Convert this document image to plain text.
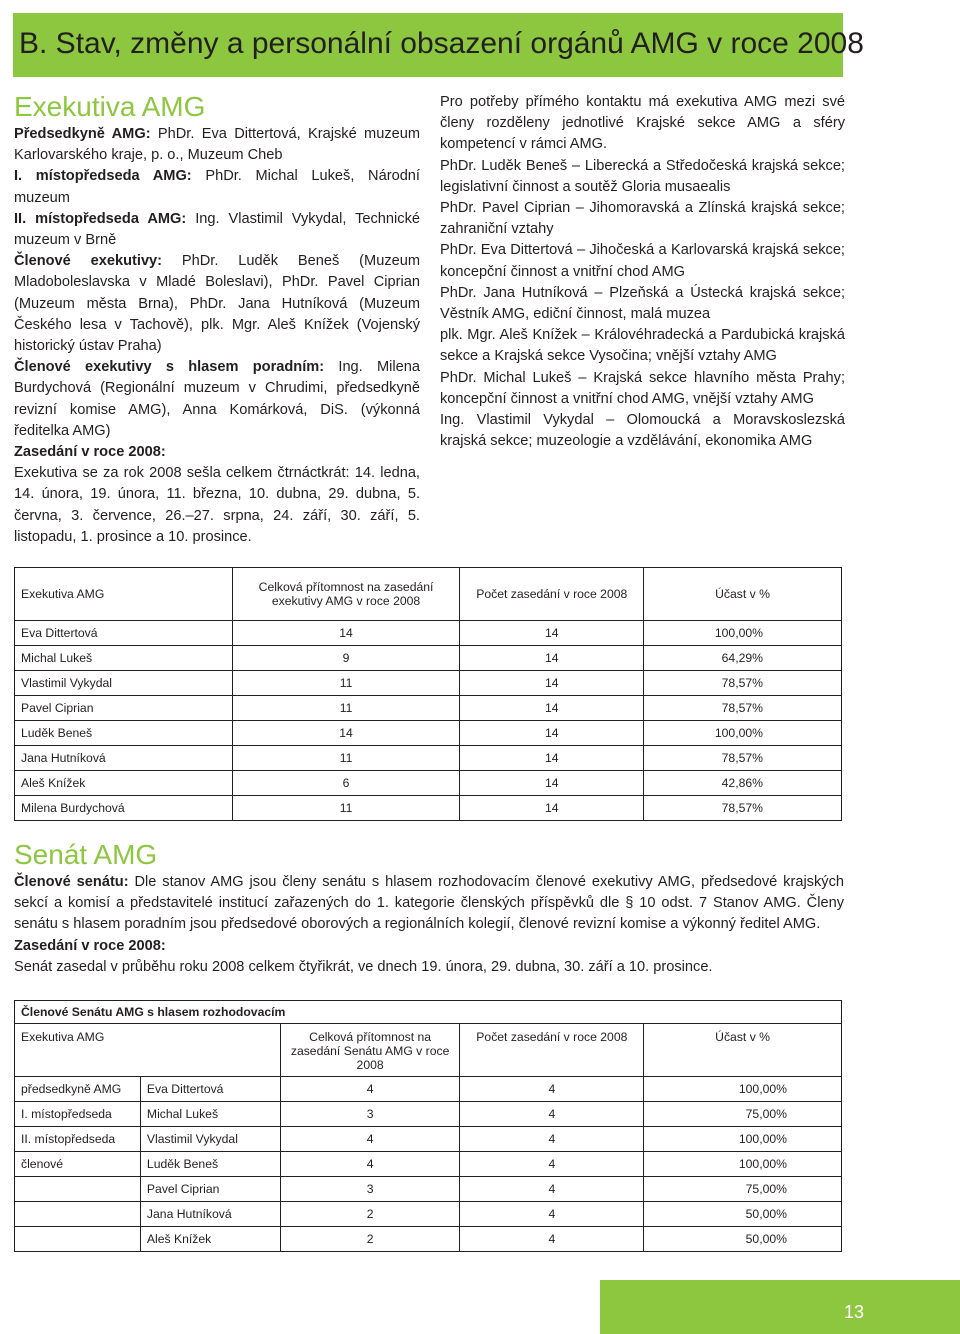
B. Stav, změny a personální obsazení orgánů AMG v roce 2008
Exekutiva AMG

Předsedkyně AMG: PhDr. Eva Dittertová, Krajské muzeum Karlovarského kraje, p. o., Muzeum Cheb

I. místopředseda AMG: PhDr. Michal Lukeš, Národní muzeum

II. místopředseda AMG: Ing. Vlastimil Vykydal, Technické muzeum v Brně

Členové exekutivy: PhDr. Luděk Beneš (Muzeum Mladoboleslavska v Mladé Boleslavi), PhDr. Pavel Ciprian (Muzeum města Brna), PhDr. Jana Hutníková (Muzeum Českého lesa v Tachově), plk. Mgr. Aleš Knížek (Vojenský historický ústav Praha)

Členové exekutivy s hlasem poradním: Ing. Milena Burdychová (Regionální muzeum v Chrudimi, předsedkyně revizní komise AMG), Anna Komárková, DiS. (výkonná ředitelka AMG)

Zasedání v roce 2008:

Exekutiva se za rok 2008 sešla celkem čtrnáctkrát: 14. ledna, 14. února, 19. února, 11. března, 10. dubna, 29. dubna, 5. června, 3. července, 26.–27. srpna, 24. září, 30. září, 5. listopadu, 1. prosince a 10. prosince.

Pro potřeby přímého kontaktu má exekutiva AMG mezi své členy rozděleny jednotlivé Krajské sekce AMG a sféry kompetencí v rámci AMG.

PhDr. Luděk Beneš – Liberecká a Středočeská krajská sekce; legislativní činnost a soutěž Gloria musaealis

PhDr. Pavel Ciprian – Jihomoravská a Zlínská krajská sekce; zahraniční vztahy

PhDr. Eva Dittertová – Jihočeská a Karlovarská krajská sekce; koncepční činnost a vnitřní chod AMG

PhDr. Jana Hutníková – Plzeňská a Ústecká krajská sekce; Věstník AMG, ediční činnost, malá muzea

plk. Mgr. Aleš Knížek – Královéhradecká a Pardubická krajská sekce a Krajská sekce Vysočina; vnější vztahy AMG

PhDr. Michal Lukeš – Krajská sekce hlavního města Prahy; koncepční činnost a vnitřní chod AMG, vnější vztahy AMG

Ing. Vlastimil Vykydal – Olomoucká a Moravskoslezská krajská sekce; muzeologie a vzdělávání, ekonomika AMG

Exekutiva AMG	Celková přítomnost na zasedání exekutivy AMG v roce 2008	Počet zasedání v roce 2008	Účast v %
Eva Dittertová	14	14	100,00%
Michal Lukeš	9	14	64,29%
Vlastimil Vykydal	11	14	78,57%
Pavel Ciprian	11	14	78,57%
Luděk Beneš	14	14	100,00%
Jana Hutníková	11	14	78,57%
Aleš Knížek	6	14	42,86%
Milena Burdychová	11	14	78,57%
Senát AMG

Členové senátu: Dle stanov AMG jsou členy senátu s hlasem rozhodovacím členové exekutivy AMG, předsedové krajských sekcí a komisí a představitelé institucí zařazených do 1. kategorie členských příspěvků dle § 10 odst. 7 Stanov AMG. Členy senátu s hlasem poradním jsou předsedové oborových a regionálních kolegií, členové revizní komise a výkonný ředitel AMG.

Zasedání v roce 2008:

Senát zasedal v průběhu roku 2008 celkem čtyřikrát, ve dnech 19. února, 29. dubna, 30. září a 10. prosince.

Členové Senátu AMG s hlasem rozhodovacím				
Exekutiva AMG		Celková přítomnost na zasedání Senátu AMG v roce 2008	Počet zasedání v roce 2008	Účast v %
předsedkyně AMG	Eva Dittertová	4	4	100,00%
I. místopředseda	Michal Lukeš	3	4	75,00%
II. místopředseda	Vlastimil Vykydal	4	4	100,00%
členové	Luděk Beneš	4	4	100,00%
	Pavel Ciprian	3	4	75,00%
	Jana Hutníková	2	4	50,00%
	Aleš Knížek	2	4	50,00%
13
